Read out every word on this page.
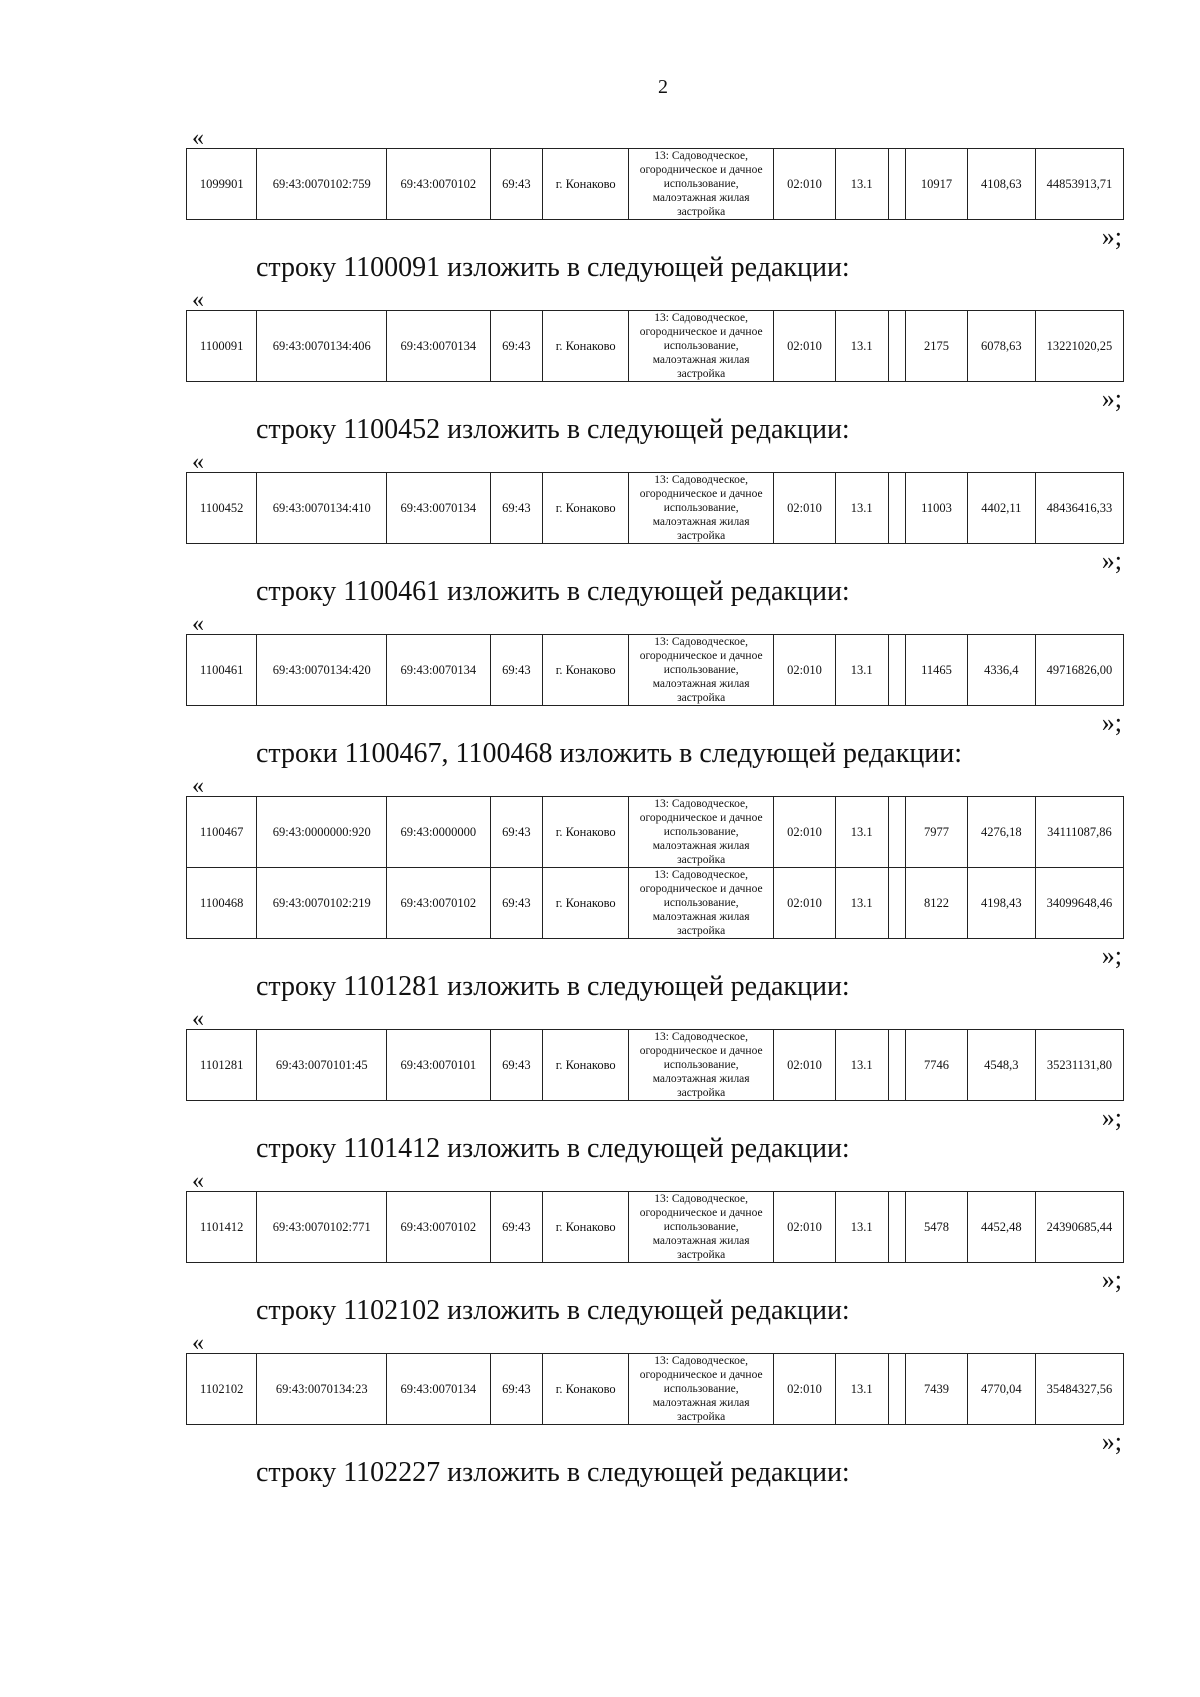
2
«
1099901	69:43:0070102:759	69:43:0070102	69:43	г. Конаково	13: Садоводческое, огородническое и дачное использование, малоэтажная жилая застройка	02:010	13.1		10917	4108,63	44853913,71
»;
строку 1100091 изложить в следующей редакции:
«
1100091	69:43:0070134:406	69:43:0070134	69:43	г. Конаково	13: Садоводческое, огородническое и дачное использование, малоэтажная жилая застройка	02:010	13.1		2175	6078,63	13221020,25
»;
строку 1100452 изложить в следующей редакции:
«
1100452	69:43:0070134:410	69:43:0070134	69:43	г. Конаково	13: Садоводческое, огородническое и дачное использование, малоэтажная жилая застройка	02:010	13.1		11003	4402,11	48436416,33
»;
строку 1100461 изложить в следующей редакции:
«
1100461	69:43:0070134:420	69:43:0070134	69:43	г. Конаково	13: Садоводческое, огородническое и дачное использование, малоэтажная жилая застройка	02:010	13.1		11465	4336,4	49716826,00
»;
строки 1100467, 1100468 изложить в следующей редакции:
«
1100467	69:43:0000000:920	69:43:0000000	69:43	г. Конаково	13: Садоводческое, огородническое и дачное использование, малоэтажная жилая застройка	02:010	13.1		7977	4276,18	34111087,86
1100468	69:43:0070102:219	69:43:0070102	69:43	г. Конаково	13: Садоводческое, огородническое и дачное использование, малоэтажная жилая застройка	02:010	13.1		8122	4198,43	34099648,46
»;
строку 1101281 изложить в следующей редакции:
«
1101281	69:43:0070101:45	69:43:0070101	69:43	г. Конаково	13: Садоводческое, огородническое и дачное использование, малоэтажная жилая застройка	02:010	13.1		7746	4548,3	35231131,80
»;
строку 1101412 изложить в следующей редакции:
«
1101412	69:43:0070102:771	69:43:0070102	69:43	г. Конаково	13: Садоводческое, огородническое и дачное использование, малоэтажная жилая застройка	02:010	13.1		5478	4452,48	24390685,44
»;
строку 1102102 изложить в следующей редакции:
«
1102102	69:43:0070134:23	69:43:0070134	69:43	г. Конаково	13: Садоводческое, огородническое и дачное использование, малоэтажная жилая застройка	02:010	13.1		7439	4770,04	35484327,56
»;
строку 1102227 изложить в следующей редакции:
